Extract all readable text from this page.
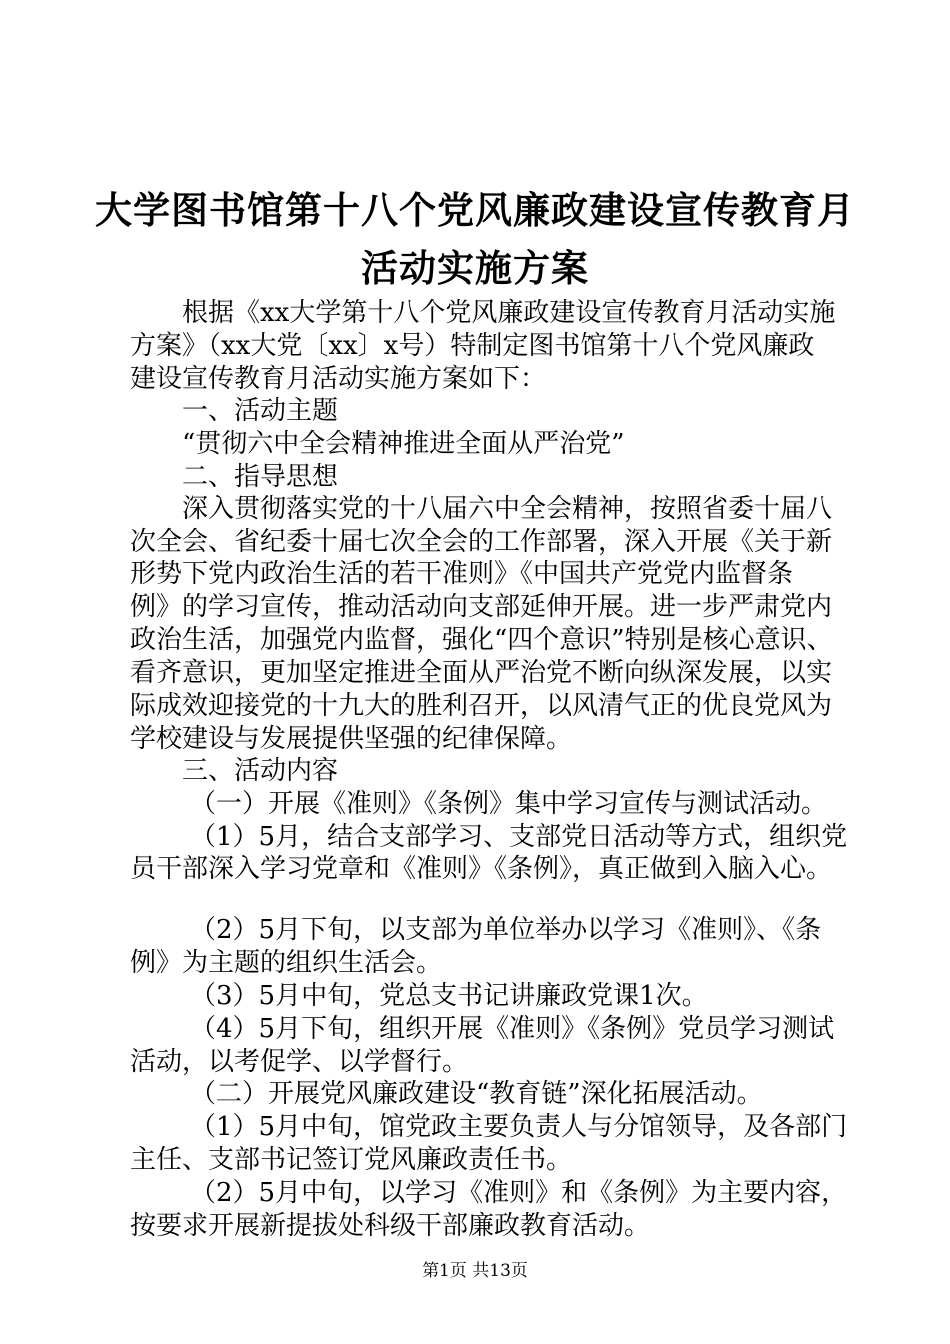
大学图书馆第十八个党风廉政建设宣传教育月
活动实施方案

根据《xx大学第十八个党风廉政建设宣传教育月活动实施

方案》（xx大党〔xx〕x号）特制定图书馆第十八个党风廉政

建设宣传教育月活动实施方案如下：

一、活动主题

“贯彻六中全会精神推进全面从严治党”

二、指导思想

深入贯彻落实党的十八届六中全会精神，按照省委十届八

次全会、省纪委十届七次全会的工作部署，深入开展《关于新

形势下党内政治生活的若干准则》《中国共产党党内监督条

例》的学习宣传，推动活动向支部延伸开展。进一步严肃党内

政治生活，加强党内监督，强化“四个意识”特别是核心意识、

看齐意识，更加坚定推进全面从严治党不断向纵深发展，以实

际成效迎接党的十九大的胜利召开，以风清气正的优良党风为

学校建设与发展提供坚强的纪律保障。

三、活动内容

（一）开展《准则》《条例》集中学习宣传与测试活动。

（1）5月，结合支部学习、支部党日活动等方式，组织党

员干部深入学习党章和《准则》《条例》，真正做到入脑入心。

（2）5月下旬，以支部为单位举办以学习《准则》、《条

例》为主题的组织生活会。

（3）5月中旬，党总支书记讲廉政党课1次。

（4）5月下旬，组织开展《准则》《条例》党员学习测试

活动，以考促学、以学督行。

（二）开展党风廉政建设“教育链”深化拓展活动。

（1）5月中旬，馆党政主要负责人与分馆领导，及各部门

主任、支部书记签订党风廉政责任书。

（2）5月中旬，以学习《准则》和《条例》为主要内容，

按要求开展新提拔处科级干部廉政教育活动。

第1页 共13页
